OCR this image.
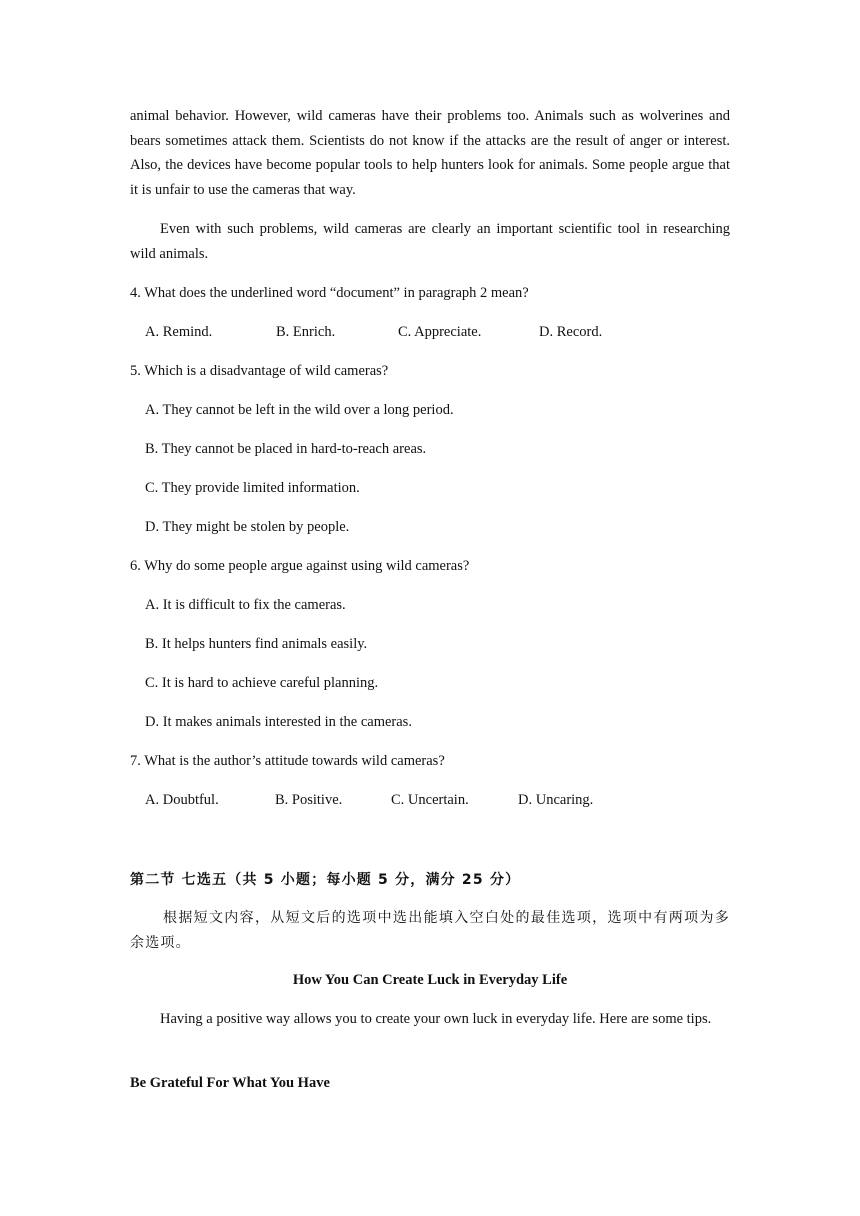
animal behavior. However, wild cameras have their problems too. Animals such as wolverines and bears sometimes attack them. Scientists do not know if the attacks are the result of anger or interest. Also, the devices have become popular tools to help hunters look for animals. Some people argue that it is unfair to use the cameras that way.

Even with such problems, wild cameras are clearly an important scientific tool in researching wild animals.

4. What does the underlined word “document” in paragraph 2 mean?
A. Remind.	B. Enrich.	C. Appreciate.	D. Record.
5. Which is a disadvantage of wild cameras?
A. They cannot be left in the wild over a long period.
B. They cannot be placed in hard-to-reach areas.
C. They provide limited information.
D. They might be stolen by people.
6. Why do some people argue against using wild cameras?
A. It is difficult to fix the cameras.
B. It helps hunters find animals easily.
C. It is hard to achieve careful planning.
D. It makes animals interested in the cameras.
7. What is the author’s attitude towards wild cameras?
A. Doubtful.	B. Positive.	C. Uncertain.	D. Uncaring.
第二节 七选五（共 5 小题；每小题 5 分，满分 25 分）

根据短文内容，从短文后的选项中选出能填入空白处的最佳选项，选项中有两项为多余选项。

How You Can Create Luck in Everyday Life

Having a positive way allows you to create your own luck in everyday life. Here are some tips.

Be Grateful For What You Have
